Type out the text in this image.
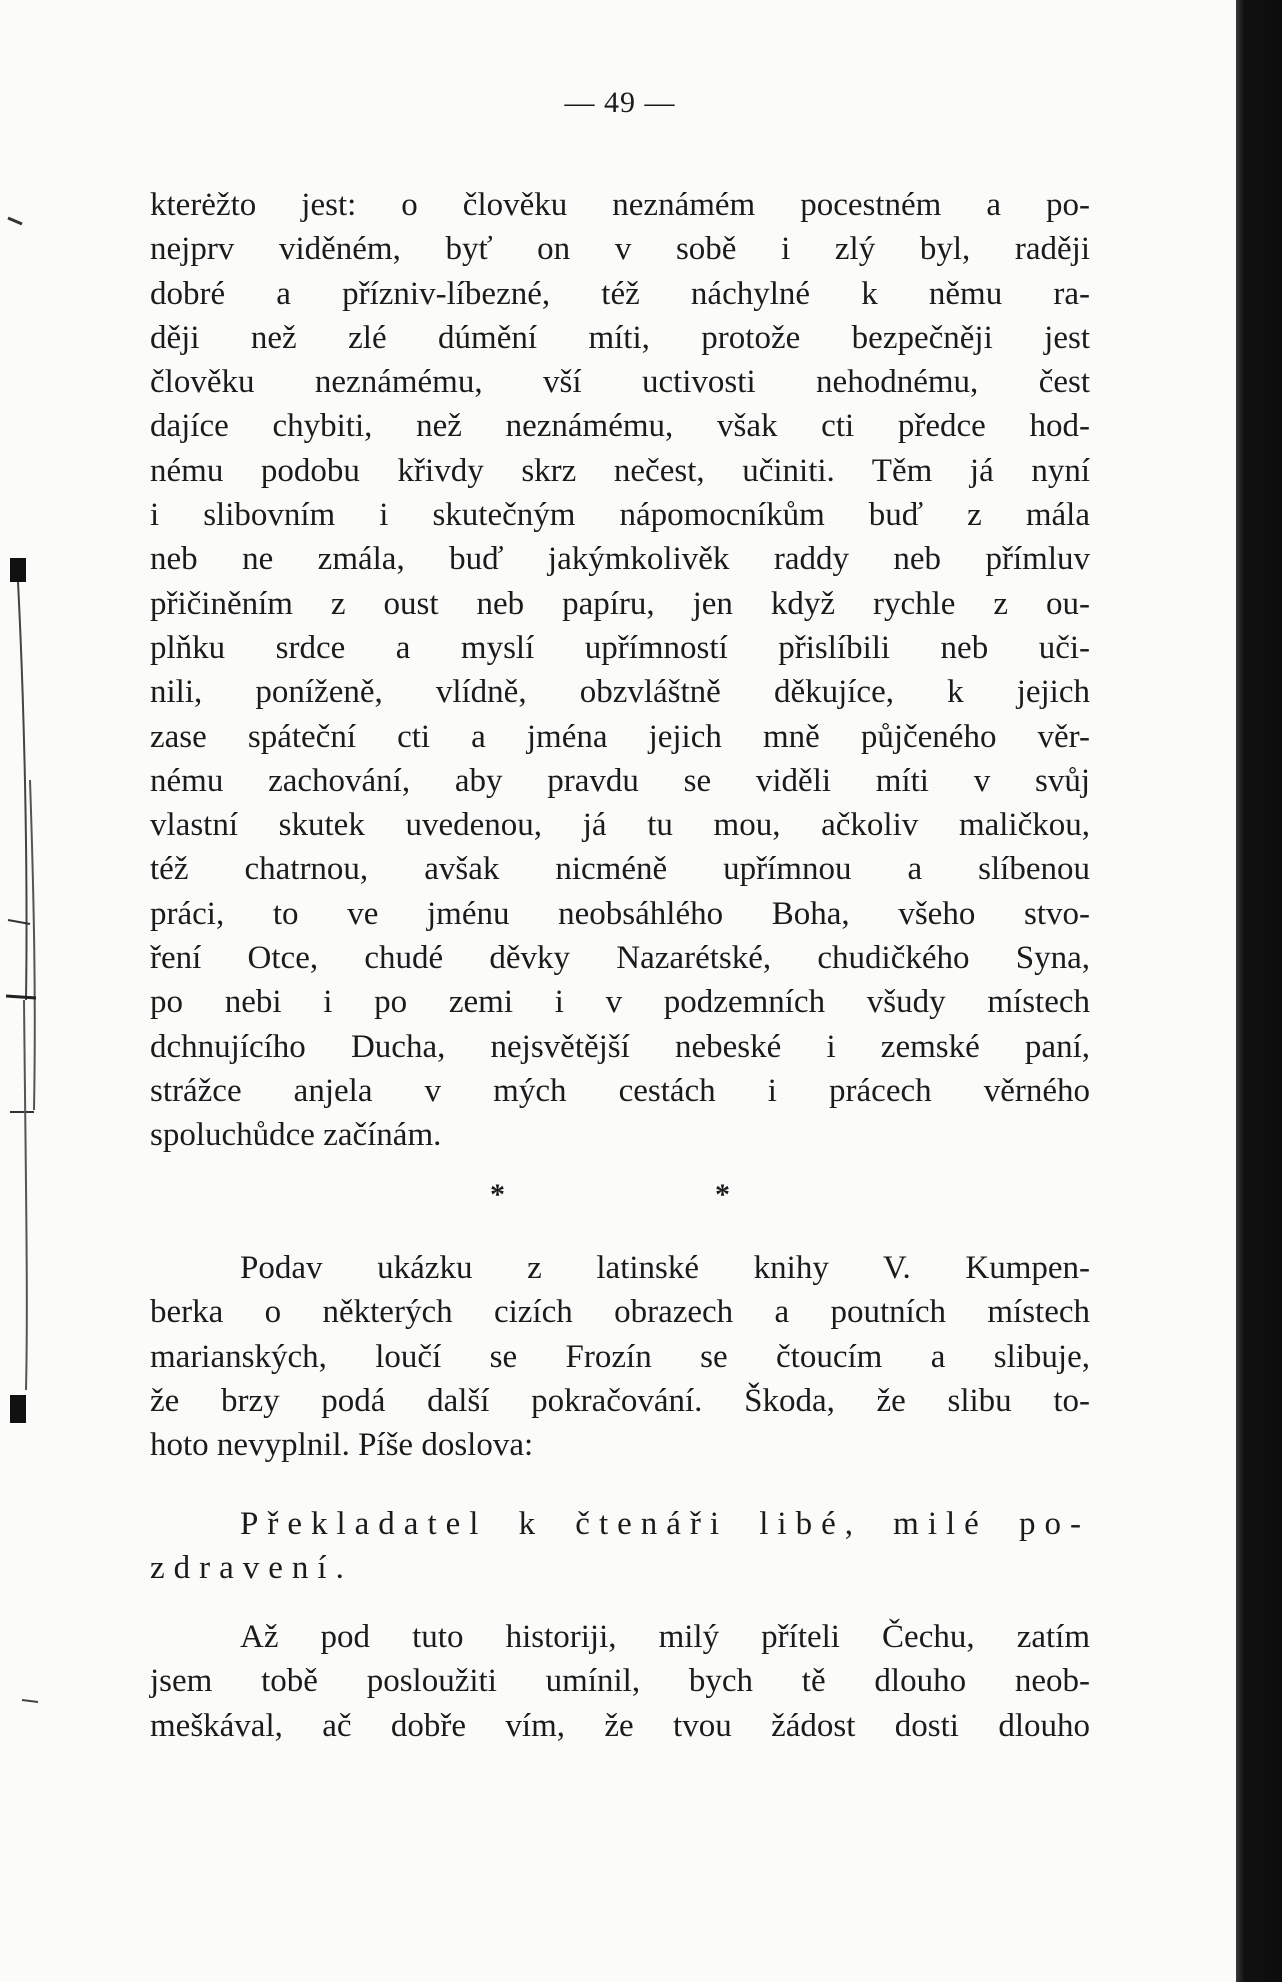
— 49 —
kterėžto jest: o člověku neznámém pocestném a po-
nejprv viděném, byť on v sobě i zlý byl, raději
dobré a přízniv-líbezné, též náchylné k němu ra-
ději než zlé dúmění míti, protože bezpečněji jest
člověku neznámému, vší uctivosti nehodnému, čest
dajíce chybiti, než neznámému, však cti předce hod-
nému podobu křivdy skrz nečest, učiniti. Těm já nyní
i slibovním i skutečným nápomocníkům buď z mála
neb ne zmála, buď jakýmkolivěk raddy neb přímluv
přičiněním z oust neb papíru, jen když rychle z ou-
plňku srdce a myslí upřímností přislíbili neb uči-
nili, poníženě, vlídně, obzvláštně děkujíce, k jejich
zase spáteční cti a jména jejich mně půjčeného věr-
nému zachování, aby pravdu se viděli míti v svůj
vlastní skutek uvedenou, já tu mou, ačkoliv maličkou,
též chatrnou, avšak nicméně upřímnou a slíbenou
práci, to ve jménu neobsáhlého Boha, všeho stvo-
ření Otce, chudé děvky Nazarétské, chudičkého Syna,
po nebi i po zemi i v podzemních všudy místech
dchnujícího Ducha, nejsvětější nebeské i zemské paní,
strážce anjela v mých cestách i prácech věrného
spoluchůdce začínám.
*	*
Podav ukázku z latinské knihy V. Kumpen-
berka o některých cizích obrazech a poutních místech
marianských, loučí se Frozín se čtoucím a slibuje,
že brzy podá další pokračování. Škoda, že slibu to-
hoto nevyplnil. Píše doslova:
Překladatel k čtenáři libé, milé po-
zdravení.
Až pod tuto historiji, milý příteli Čechu, zatím
jsem tobě posloužiti umínil, bych tě dlouho neob-
meškával, ač dobře vím, že tvou žádost dosti dlouho
